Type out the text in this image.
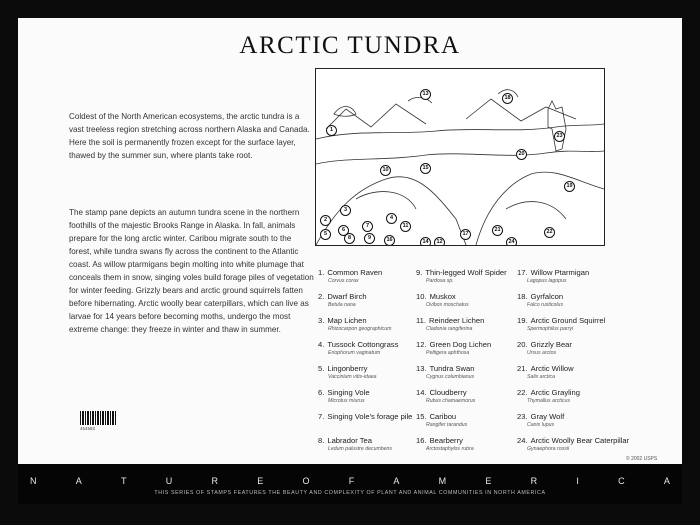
ARCTIC TUNDRA

Coldest of the North American ecosystems, the arctic tundra is a vast treeless region stretching across northern Alaska and Canada. Here the soil is permanently frozen except for the surface layer, thawed by the summer sun, where plants take root.

The stamp pane depicts an autumn tundra scene in the northern foothills of the majestic Brooks Range in Alaska. In fall, animals prepare for the long arctic winter. Caribou migrate south to the forest, while tundra swans fly across the continent to the Atlantic coast. As willow ptarmigans begin molting into white plumage that conceals them in snow, singing voles build forage piles of vegetation for winter feeding. Grizzly bears and arctic ground squirrels fatten before hibernating. Arctic woolly bear caterpillars, which can live as larvae for 14 years before becoming moths, undergo the most extreme change: they freeze in winter and thaw in summer.

1
2
3
4
5
6
7
8	9
10
11
12
13
14
15
16
17
18
19
20
21	22
23
24
1. Common Raven
Corvus corax
2. Dwarf Birch
Betula nana
3. Map Lichen
Rhizocarpon geographicum
4. Tussock Cottongrass
Eriophorum vaginatum
5. Lingonberry
Vaccinium vitis-idaea
6. Singing Vole
Microtus miurus
7. Singing Vole's forage pile
8. Labrador Tea
Ledum palustre decumbens
9. Thin-legged Wolf Spider
Pardosa sp.
10. Muskox
Ovibos moschatus
11. Reindeer Lichen
Cladonia rangiferina
12. Green Dog Lichen
Peltigera aphthosa
13. Tundra Swan
Cygnus columbianus
14. Cloudberry
Rubus chamaemorus
15. Caribou
Rangifer tarandus
16. Bearberry
Arctostaphylos rubra
17. Willow Ptarmigan
Lagopus lagopus
18. Gyrfalcon
Falco rusticolus
19. Arctic Ground Squirrel
Spermophilus parryi
20. Grizzly Bear
Ursus arctos
21. Arctic Willow
Salix arctica
22. Arctic Grayling
Thymallus arcticus
23. Gray Wolf
Canis lupus
24. Arctic Woolly Bear Caterpillar
Gynaephora rossii
454583
© 2002 USPS
N	A	T	U	R	E	O	F	A	M	E	R	I	C	A
THIS SERIES OF STAMPS FEATURES THE BEAUTY AND COMPLEXITY OF PLANT AND ANIMAL COMMUNITIES IN NORTH AMERICA
